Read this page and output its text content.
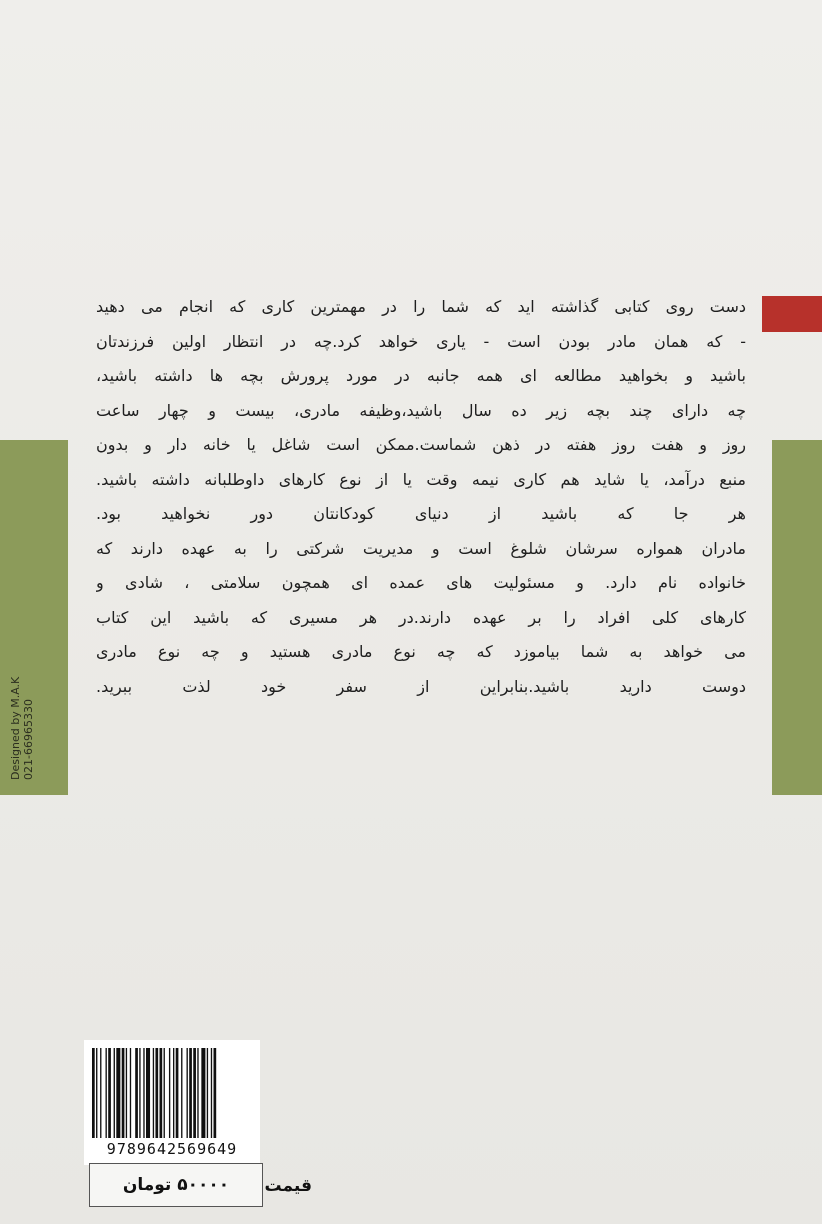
Designed by M.A.K 021-66965330
دست روی کتابی گذاشته اید که شما را در مهمترین کاری که انجام می دهید
- که همان مادر بودن است - یاری خواهد کرد.چه در انتظار اولین فرزندتان
باشید و بخواهید مطالعه ای همه جانبه در مورد پرورش بچه ها داشته باشید،
چه دارای چند بچه زیر ده سال باشید،وظیفه مادری، بیست و چهار ساعت
روز و هفت روز هفته در ذهن شماست.ممکن است شاغل یا خانه دار و بدون
منبع درآمد، یا شاید هم کاری نیمه وقت یا از نوع کارهای داوطلبانه داشته باشید.
هر جا که باشید از دنیای کودکانتان دور نخواهید بود.
مادران همواره سرشان شلوغ است و مدیریت شرکتی را به عهده دارند که
خانواده نام دارد. و مسئولیت های عمده ای همچون سلامتی ، شادی و
کارهای کلی افراد را بر عهده دارند.در هر مسیری که باشید این کتاب
می خواهد به شما بیاموزد که چه نوع مادری هستید و چه نوع مادری
دوست دارید باشید.بنابراین از سفر خود لذت ببرید.
9789642569649
قیمت
۵۰۰۰۰ تومان
